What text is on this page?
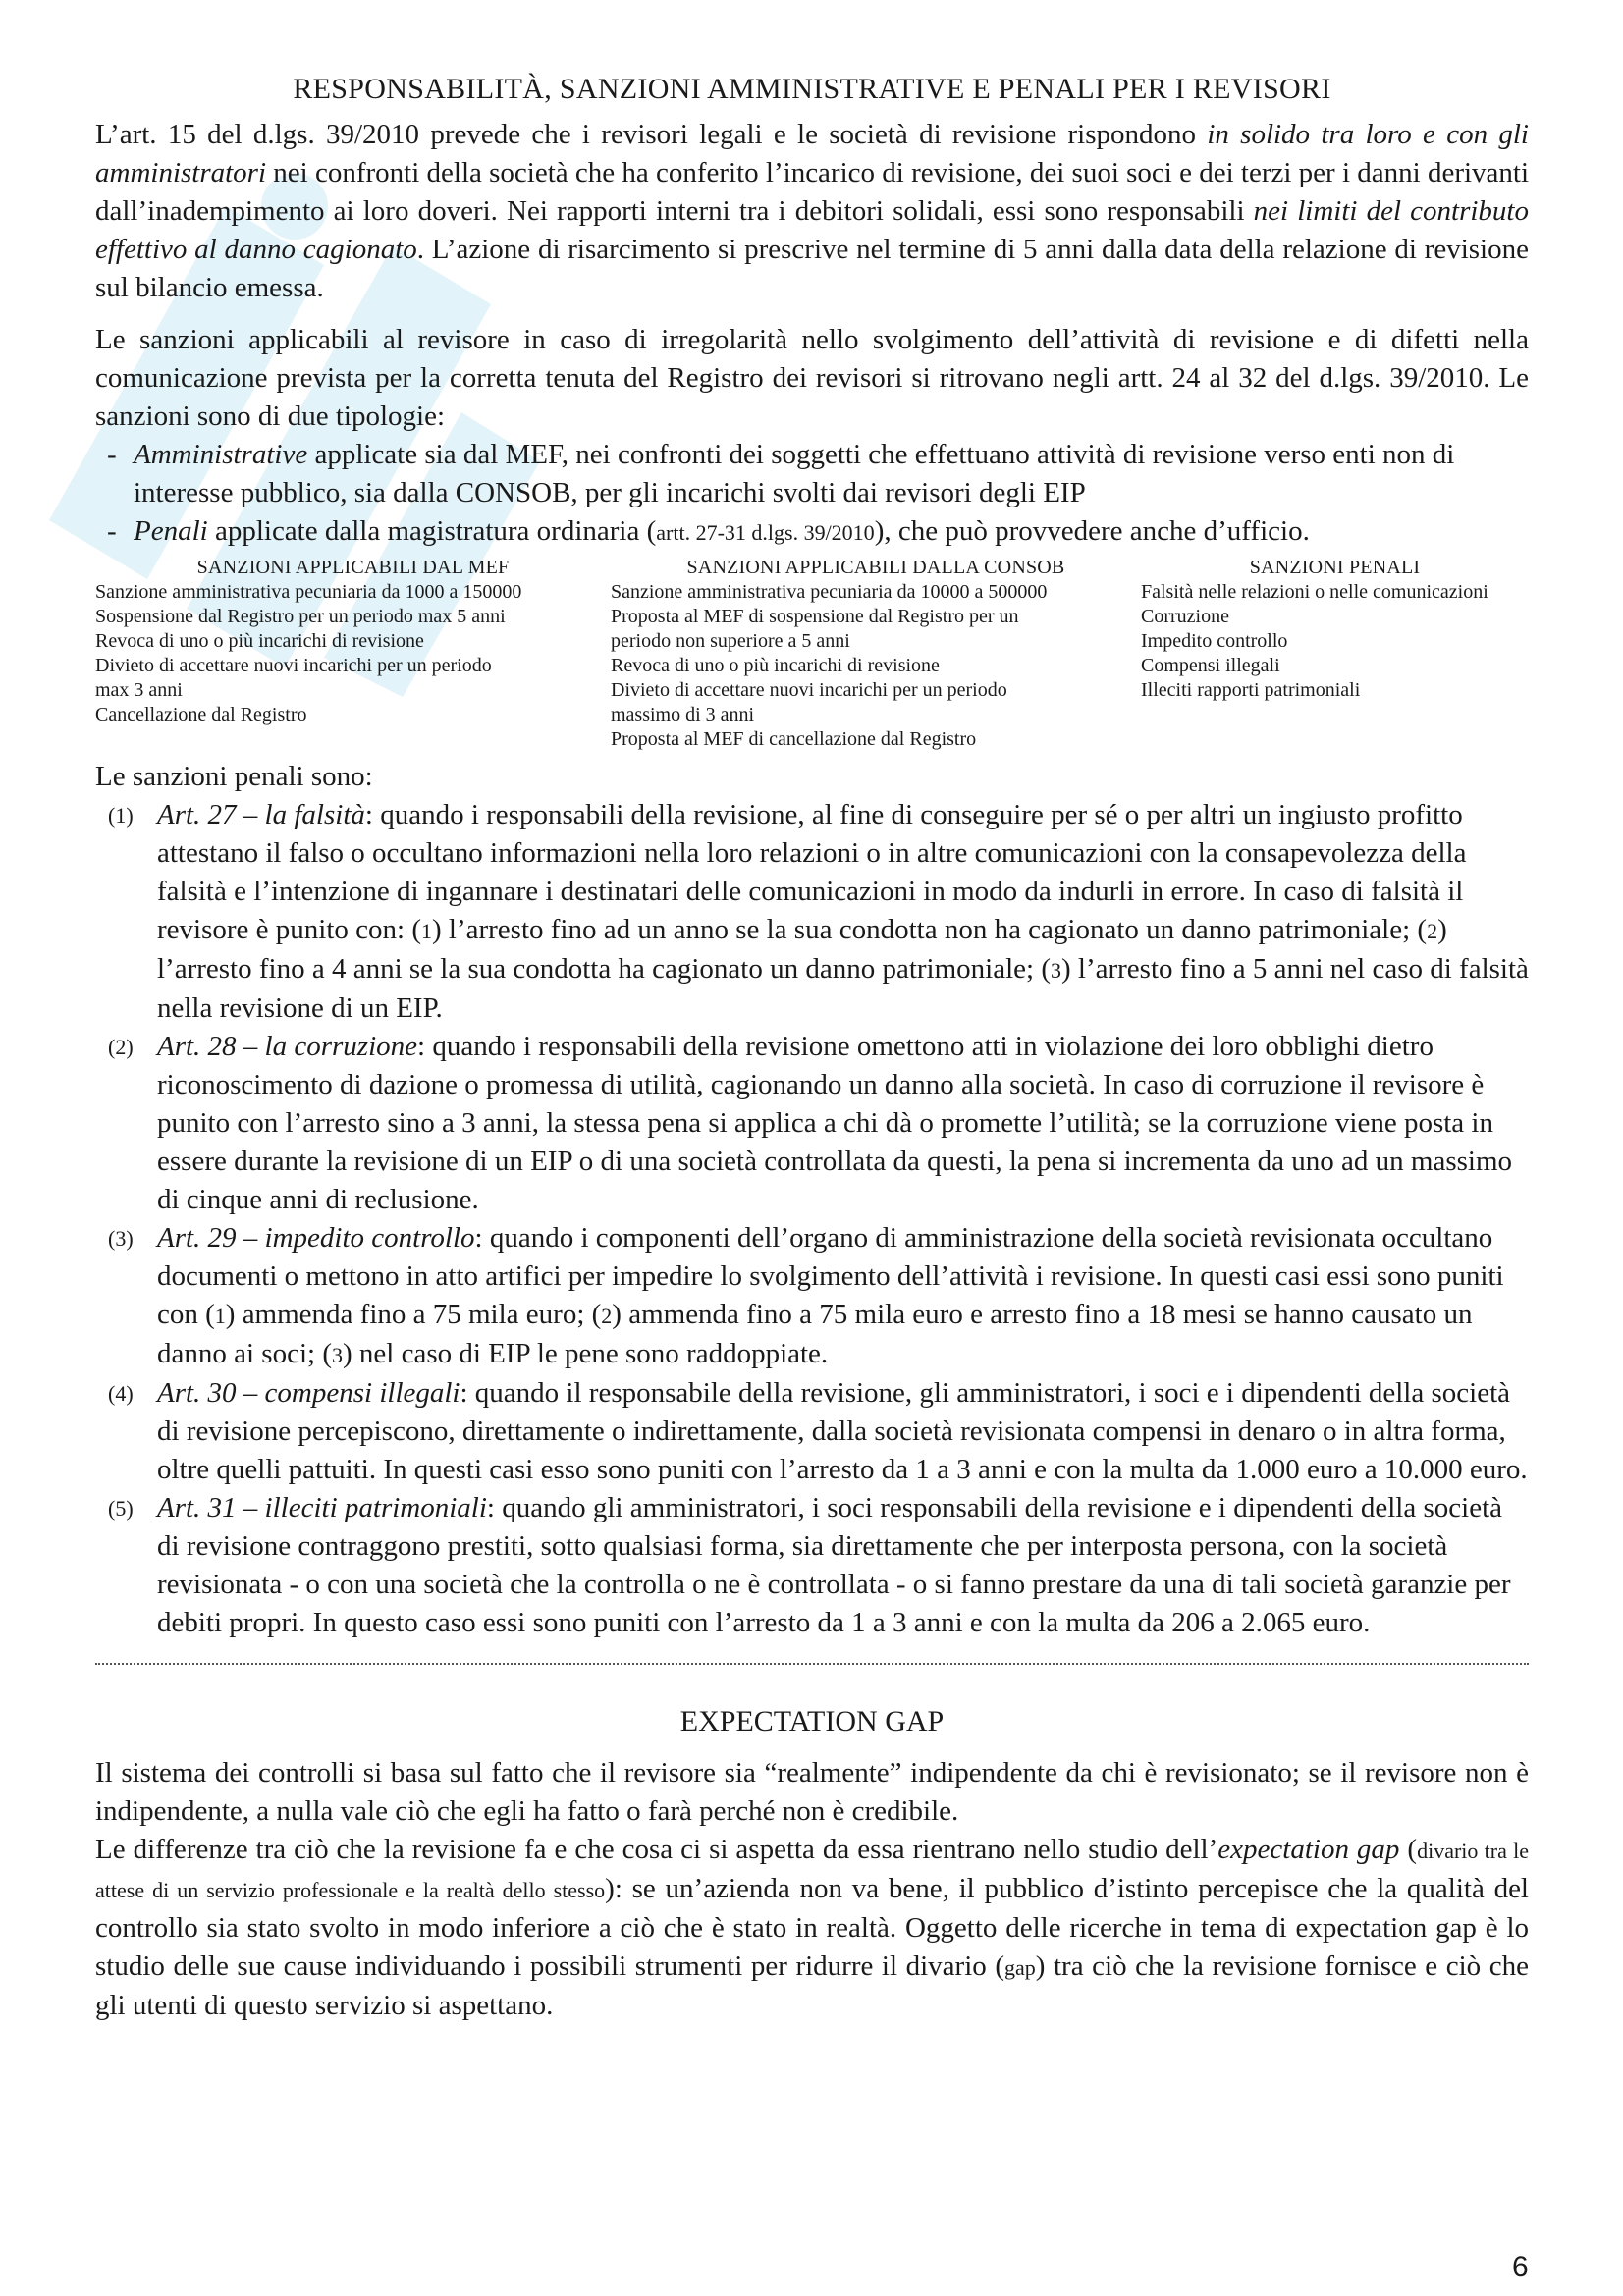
RESPONSABILITÀ, SANZIONI AMMINISTRATIVE E PENALI PER I REVISORI

L’art. 15 del d.lgs. 39/2010 prevede che i revisori legali e le società di revisione rispondono in solido tra loro e con gli amministratori nei confronti della società che ha conferito l’incarico di revisione, dei suoi soci e dei terzi per i danni derivanti dall’inadempimento ai loro doveri. Nei rapporti interni tra i debitori solidali, essi sono responsabili nei limiti del contributo effettivo al danno cagionato. L’azione di risarcimento si prescrive nel termine di 5 anni dalla data della relazione di revisione sul bilancio emessa.

Le sanzioni applicabili al revisore in caso di irregolarità nello svolgimento dell’attività di revisione e di difetti nella comunicazione prevista per la corretta tenuta del Registro dei revisori si ritrovano negli artt. 24 al 32 del d.lgs. 39/2010. Le sanzioni sono di due tipologie:

- Amministrative applicate sia dal MEF, nei confronti dei soggetti che effettuano attività di revisione verso enti non di interesse pubblico, sia dalla CONSOB, per gli incarichi svolti dai revisori degli EIP
- Penali applicate dalla magistratura ordinaria (artt. 27-31 d.lgs. 39/2010), che può provvedere anche d’ufficio.
SANZIONI APPLICABILI DAL MEF
Sanzione amministrativa pecuniaria da 1000 a 150000
Sospensione dal Registro per un periodo max 5 anni
Revoca di uno o più incarichi di revisione
Divieto di accettare nuovi incarichi per un periodo
max 3 anni
Cancellazione dal Registro
SANZIONI APPLICABILI DALLA CONSOB
Sanzione amministrativa pecuniaria da 10000 a 500000
Proposta al MEF di sospensione dal Registro per un
periodo non superiore a 5 anni
Revoca di uno o più incarichi di revisione
Divieto di accettare nuovi incarichi per un periodo
massimo di 3 anni
Proposta al MEF di cancellazione dal Registro
SANZIONI PENALI
Falsità nelle relazioni o nelle comunicazioni
Corruzione
Impedito controllo
Compensi illegali
Illeciti rapporti patrimoniali

Le sanzioni penali sono:

(1) Art. 27 – la falsità: quando i responsabili della revisione, al fine di conseguire per sé o per altri un ingiusto profitto attestano il falso o occultano informazioni nella loro relazioni o in altre comunicazioni con la consapevolezza della falsità e l’intenzione di ingannare i destinatari delle comunicazioni in modo da indurli in errore. In caso di falsità il revisore è punito con: (1) l’arresto fino ad un anno se la sua condotta non ha cagionato un danno patrimoniale; (2) l’arresto fino a 4 anni se la sua condotta ha cagionato un danno patrimoniale; (3) l’arresto fino a 5 anni nel caso di falsità nella revisione di un EIP.
(2) Art. 28 – la corruzione: quando i responsabili della revisione omettono atti in violazione dei loro obblighi dietro riconoscimento di dazione o promessa di utilità, cagionando un danno alla società. In caso di corruzione il revisore è punito con l’arresto sino a 3 anni, la stessa pena si applica a chi dà o promette l’utilità; se la corruzione viene posta in essere durante la revisione di un EIP o di una società controllata da questi, la pena si incrementa da uno ad un massimo di cinque anni di reclusione.
(3) Art. 29 – impedito controllo: quando i componenti dell’organo di amministrazione della società revisionata occultano documenti o mettono in atto artifici per impedire lo svolgimento dell’attività i revisione. In questi casi essi sono puniti con (1) ammenda fino a 75 mila euro; (2) ammenda fino a 75 mila euro e arresto fino a 18 mesi se hanno causato un danno ai soci; (3) nel caso di EIP le pene sono raddoppiate.
(4) Art. 30 – compensi illegali: quando il responsabile della revisione, gli amministratori, i soci e i dipendenti della società di revisione percepiscono, direttamente o indirettamente, dalla società revisionata compensi in denaro o in altra forma, oltre quelli pattuiti. In questi casi esso sono puniti con l’arresto da 1 a 3 anni e con la multa da 1.000 euro a 10.000 euro.
(5) Art. 31 – illeciti patrimoniali: quando gli amministratori, i soci responsabili della revisione e i dipendenti della società di revisione contraggono prestiti, sotto qualsiasi forma, sia direttamente che per interposta persona, con la società revisionata - o con una società che la controlla o ne è controllata - o si fanno prestare da una di tali società garanzie per debiti propri. In questo caso essi sono puniti con l’arresto da 1 a 3 anni e con la multa da 206 a 2.065 euro.
EXPECTATION GAP

Il sistema dei controlli si basa sul fatto che il revisore sia “realmente” indipendente da chi è revisionato; se il revisore non è indipendente, a nulla vale ciò che egli ha fatto o farà perché non è credibile.

Le differenze tra ciò che la revisione fa e che cosa ci si aspetta da essa rientrano nello studio dell’expectation gap (divario tra le attese di un servizio professionale e la realtà dello stesso): se un’azienda non va bene, il pubblico d’istinto percepisce che la qualità del controllo sia stato svolto in modo inferiore a ciò che è stato in realtà. Oggetto delle ricerche in tema di expectation gap è lo studio delle sue cause individuando i possibili strumenti per ridurre il divario (gap) tra ciò che la revisione fornisce e ciò che gli utenti di questo servizio si aspettano.

6
